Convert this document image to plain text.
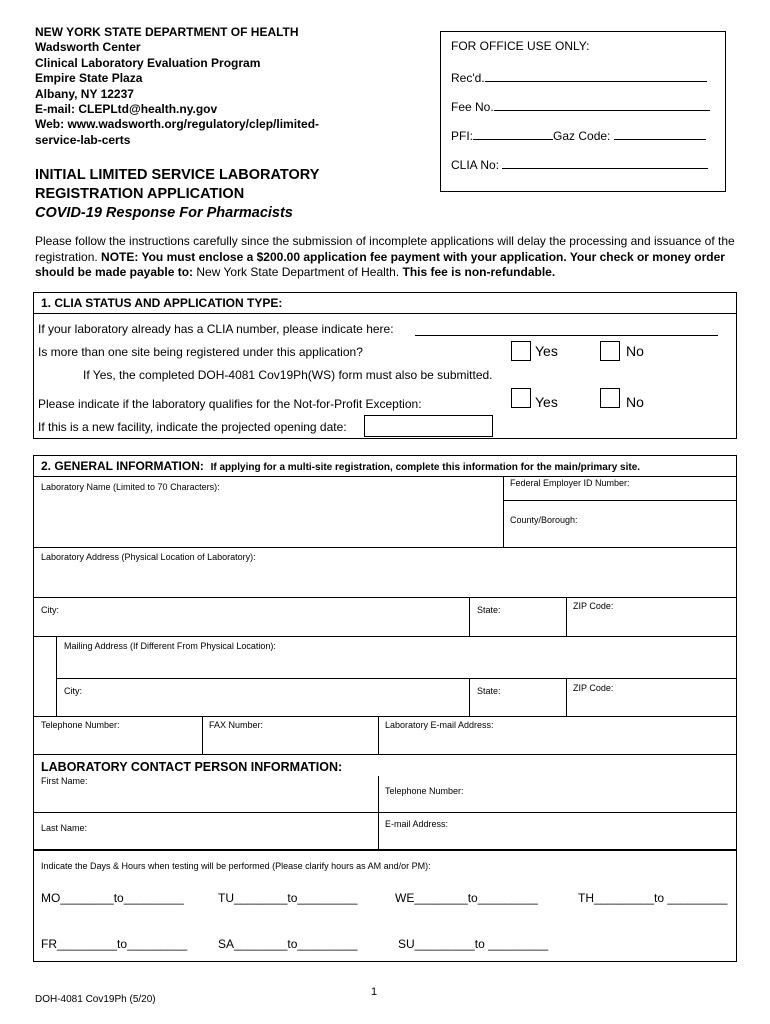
NEW YORK STATE DEPARTMENT OF HEALTH
Wadsworth Center
Clinical Laboratory Evaluation Program
Empire State Plaza
Albany, NY 12237
E-mail: CLEPLtd@health.ny.gov
Web: www.wadsworth.org/regulatory/clep/limited-
service-lab-certs
FOR OFFICE USE ONLY:
Rec'd.
Fee No.
PFI:	Gaz Code:
CLIA No:
INITIAL LIMITED SERVICE LABORATORY
REGISTRATION APPLICATION
COVID-19 Response For Pharmacists
Please follow the instructions carefully since the submission of incomplete applications will delay the processing and issuance of the registration. NOTE: You must enclose a $200.00 application fee payment with your application. Your check or money order should be made payable to: New York State Department of Health. This fee is non-refundable.
1. CLIA STATUS AND APPLICATION TYPE:
If your laboratory already has a CLIA number, please indicate here:
Is more than one site being registered under this application?	Yes	No
If Yes, the completed DOH-4081 Cov19Ph(WS) form must also be submitted.
Please indicate if the laboratory qualifies for the Not-for-Profit Exception:	Yes	No
If this is a new facility, indicate the projected opening date:
2. GENERAL INFORMATION: If applying for a multi-site registration, complete this information for the main/primary site.
Laboratory Name (Limited to 70 Characters):	Federal Employer ID Number:
County/Borough:
Laboratory Address (Physical Location of Laboratory):
City:	State:	ZIP Code:
Mailing Address (If Different From Physical Location):
City:	State:	ZIP Code:
Telephone Number:	FAX Number:	Laboratory E-mail Address:
LABORATORY CONTACT PERSON INFORMATION:
First Name:
Telephone Number:
Last Name:	E-mail Address:
Indicate the Days & Hours when testing will be performed (Please clarify hours as AM and/or PM):
MO________to_________	TU________to_________	WE________to_________	TH_________to _________
FR_________to_________	SA________to_________	SU_________to _________
1
DOH-4081 Cov19Ph (5/20)
